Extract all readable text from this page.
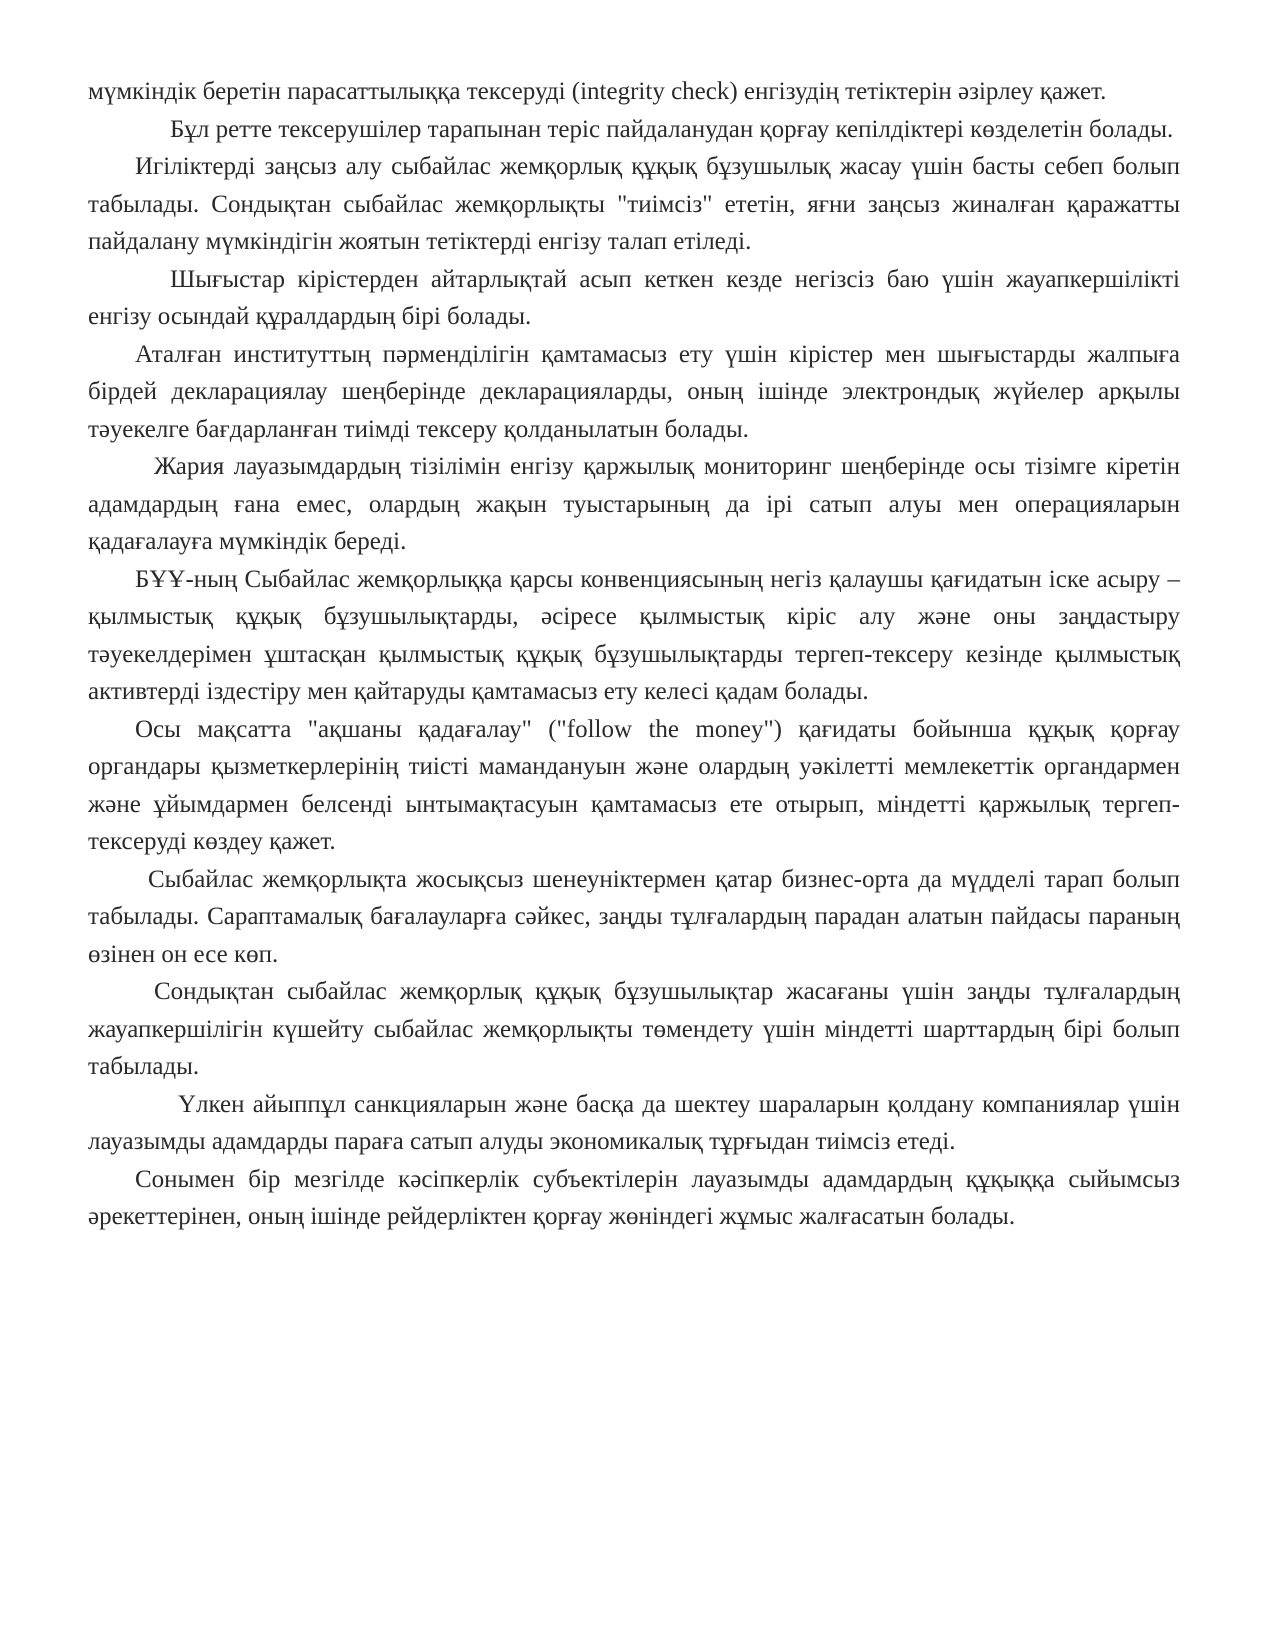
мүмкіндік беретін парасаттылыққа тексеруді (integrity check) енгізудің тетіктерін әзірлеу қажет.

Бұл ретте тексерушілер тарапынан теріс пайдаланудан қорғау кепілдіктері көзделетін болады.

Игіліктерді заңсыз алу сыбайлас жемқорлық құқық бұзушылық жасау үшін басты себеп болып табылады. Сондықтан сыбайлас жемқорлықты "тиімсіз" ететін, яғни заңсыз жиналған қаражатты пайдалану мүмкіндігін жоятын тетіктерді енгізу талап етіледі.

Шығыстар кірістерден айтарлықтай асып кеткен кезде негізсіз баю үшін жауапкершілікті енгізу осындай құралдардың бірі болады.

Аталған институттың пәрменділігін қамтамасыз ету үшін кірістер мен шығыстарды жалпыға бірдей декларациялау шеңберінде декларацияларды, оның ішінде электрондық жүйелер арқылы тәуекелге бағдарланған тиімді тексеру қолданылатын болады.

Жария лауазымдардың тізілімін енгізу қаржылық мониторинг шеңберінде осы тізімге кіретін адамдардың ғана емес, олардың жақын туыстарының да ірі сатып алуы мен операцияларын қадағалауға мүмкіндік береді.

БҰҰ-ның Сыбайлас жемқорлыққа қарсы конвенциясының негіз қалаушы қағидатын іске асыру – қылмыстық құқық бұзушылықтарды, әсіресе қылмыстық кіріс алу және оны заңдастыру тәуекелдерімен ұштасқан қылмыстық құқық бұзушылықтарды тергеп-тексеру кезінде қылмыстық активтерді іздестіру мен қайтаруды қамтамасыз ету келесі қадам болады.

Осы мақсатта "ақшаны қадағалау" ("follow the money") қағидаты бойынша құқық қорғау органдары қызметкерлерінің тиісті мамандануын және олардың уәкілетті мемлекеттік органдармен және ұйымдармен белсенді ынтымақтасуын қамтамасыз ете отырып, міндетті қаржылық тергеп-тексеруді көздеу қажет.

Сыбайлас жемқорлықта жосықсыз шенеуніктермен қатар бизнес-орта да мүдделі тарап болып табылады. Сараптамалық бағалауларға сәйкес, заңды тұлғалардың парадан алатын пайдасы параның өзінен он есе көп.

Сондықтан сыбайлас жемқорлық құқық бұзушылықтар жасағаны үшін заңды тұлғалардың жауапкершілігін күшейту сыбайлас жемқорлықты төмендету үшін міндетті шарттардың бірі болып табылады.

Үлкен айыппұл санкцияларын және басқа да шектеу шараларын қолдану компаниялар үшін лауазымды адамдарды параға сатып алуды экономикалық тұрғыдан тиімсіз етеді.

Сонымен бір мезгілде кәсіпкерлік субъектілерін лауазымды адамдардың құқыққа сыйымсыз әрекеттерінен, оның ішінде рейдерліктен қорғау жөніндегі жұмыс жалғасатын болады.
